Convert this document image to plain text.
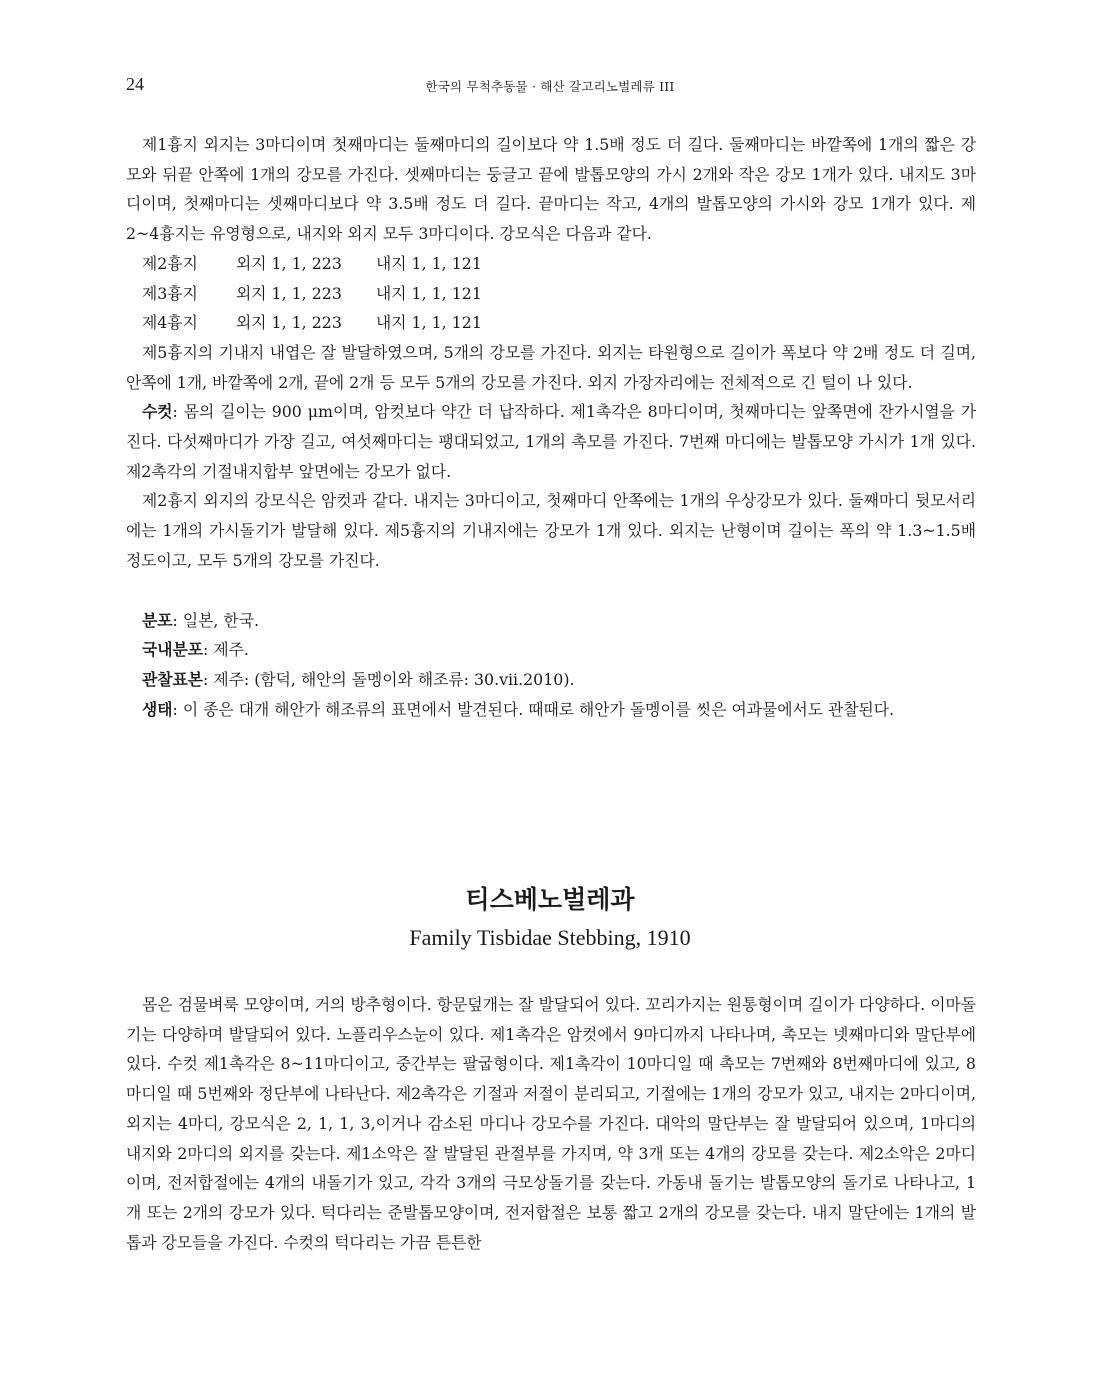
24	한국의 무척추동물 · 해산 갈고리노벌레류 III

제1흉지 외지는 3마디이며 첫째마디는 둘째마디의 길이보다 약 1.5배 정도 더 길다. 둘째마디는 바깥쪽에 1개의 짧은 강모와 뒤끝 안쪽에 1개의 강모를 가진다. 셋째마디는 둥글고 끝에 발톱모양의 가시 2개와 작은 강모 1개가 있다. 내지도 3마디이며, 첫째마디는 셋째마디보다 약 3.5배 정도 더 길다. 끝마디는 작고, 4개의 발톱모양의 가시와 강모 1개가 있다. 제2~4흉지는 유영형으로, 내지와 외지 모두 3마디이다. 강모식은 다음과 같다.

제2흉지 외지 1, 1, 223 내지 1, 1, 121
제3흉지 외지 1, 1, 223 내지 1, 1, 121
제4흉지 외지 1, 1, 223 내지 1, 1, 121

제5흉지의 기내지 내엽은 잘 발달하였으며, 5개의 강모를 가진다. 외지는 타원형으로 길이가 폭보다 약 2배 정도 더 길며, 안쪽에 1개, 바깥쪽에 2개, 끝에 2개 등 모두 5개의 강모를 가진다. 외지 가장자리에는 전체적으로 긴 털이 나 있다.

수컷: 몸의 길이는 900 μm이며, 암컷보다 약간 더 납작하다. 제1촉각은 8마디이며, 첫째마디는 앞쪽면에 잔가시열을 가진다. 다섯째마디가 가장 길고, 여섯째마디는 팽대되었고, 1개의 촉모를 가진다. 7번째 마디에는 발톱모양 가시가 1개 있다. 제2촉각의 기절내지합부 앞면에는 강모가 없다.

제2흉지 외지의 강모식은 암컷과 같다. 내지는 3마디이고, 첫째마디 안쪽에는 1개의 우상강모가 있다. 둘째마디 뒷모서리에는 1개의 가시돌기가 발달해 있다. 제5흉지의 기내지에는 강모가 1개 있다. 외지는 난형이며 길이는 폭의 약 1.3~1.5배 정도이고, 모두 5개의 강모를 가진다.

분포: 일본, 한국.

국내분포: 제주.

관찰표본: 제주: (함덕, 해안의 돌멩이와 해조류: 30.vii.2010).

생태: 이 종은 대개 해안가 해조류의 표면에서 발견된다. 때때로 해안가 돌멩이를 씻은 여과물에서도 관찰된다.

티스베노벌레과
Family Tisbidae Stebbing, 1910

몸은 검물벼룩 모양이며, 거의 방추형이다. 항문덮개는 잘 발달되어 있다. 꼬리가지는 원통형이며 길이가 다양하다. 이마돌기는 다양하며 발달되어 있다. 노플리우스눈이 있다. 제1촉각은 암컷에서 9마디까지 나타나며, 촉모는 넷째마디와 말단부에 있다. 수컷 제1촉각은 8~11마디이고, 중간부는 팔굽형이다. 제1촉각이 10마디일 때 촉모는 7번째와 8번째마디에 있고, 8마디일 때 5번째와 정단부에 나타난다. 제2촉각은 기절과 저절이 분리되고, 기절에는 1개의 강모가 있고, 내지는 2마디이며, 외지는 4마디, 강모식은 2, 1, 1, 3,이거나 감소된 마디나 강모수를 가진다. 대악의 말단부는 잘 발달되어 있으며, 1마디의 내지와 2마디의 외지를 갖는다. 제1소악은 잘 발달된 관절부를 가지며, 약 3개 또는 4개의 강모를 갖는다. 제2소악은 2마디이며, 전저합절에는 4개의 내돌기가 있고, 각각 3개의 극모상돌기를 갖는다. 가동내 돌기는 발톱모양의 돌기로 나타나고, 1개 또는 2개의 강모가 있다. 턱다리는 준발톱모양이며, 전저합절은 보통 짧고 2개의 강모를 갖는다. 내지 말단에는 1개의 발톱과 강모들을 가진다. 수컷의 턱다리는 가끔 튼튼한
